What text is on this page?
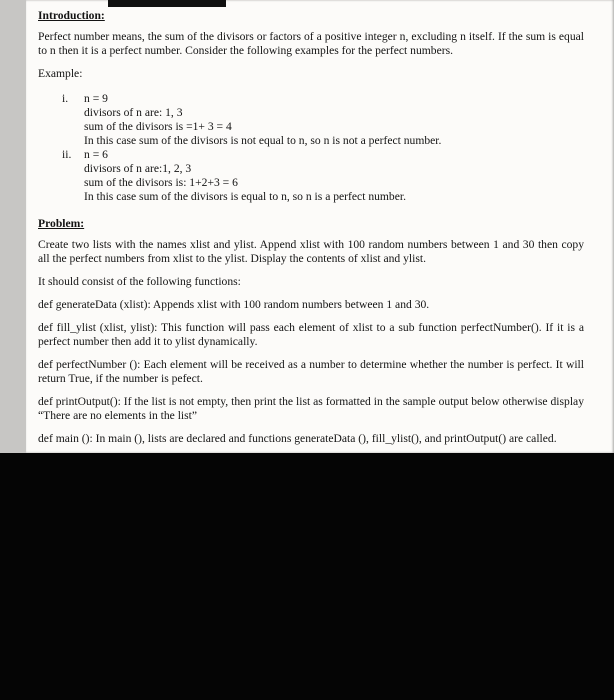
Introduction:

Perfect number means, the sum of the divisors or factors of a positive integer n, excluding n itself. If the sum is equal to n then it is a perfect number. Consider the following examples for the perfect numbers.

Example:

i.	n = 9

divisors of n are: 1, 3

sum of the divisors is =1+ 3 = 4

In this case sum of the divisors is not equal to n, so n is not a perfect number.

ii.	n = 6

divisors of n are:1, 2, 3

sum of the divisors is: 1+2+3 = 6

In this case sum of the divisors is equal to n, so n is a perfect number.

Problem:

Create two lists with the names xlist and ylist. Append xlist with 100 random numbers between 1 and 30 then copy all the perfect numbers from xlist to the ylist. Display the contents of xlist and ylist.

It should consist of the following functions:

def generateData (xlist): Appends xlist with 100 random numbers between 1 and 30.

def fill_ylist (xlist, ylist): This function will pass each element of xlist to a sub function perfectNumber(). If it is a perfect number then add it to ylist dynamically.

def perfectNumber (): Each element will be received as a number to determine whether the number is perfect. It will return True, if the number is pefect.

def printOutput(): If the list is not empty, then print the list as formatted in the sample output below otherwise display “There are no elements in the list”

def main (): In main (), lists are declared and functions generateData (), fill_ylist(), and printOutput() are called.
